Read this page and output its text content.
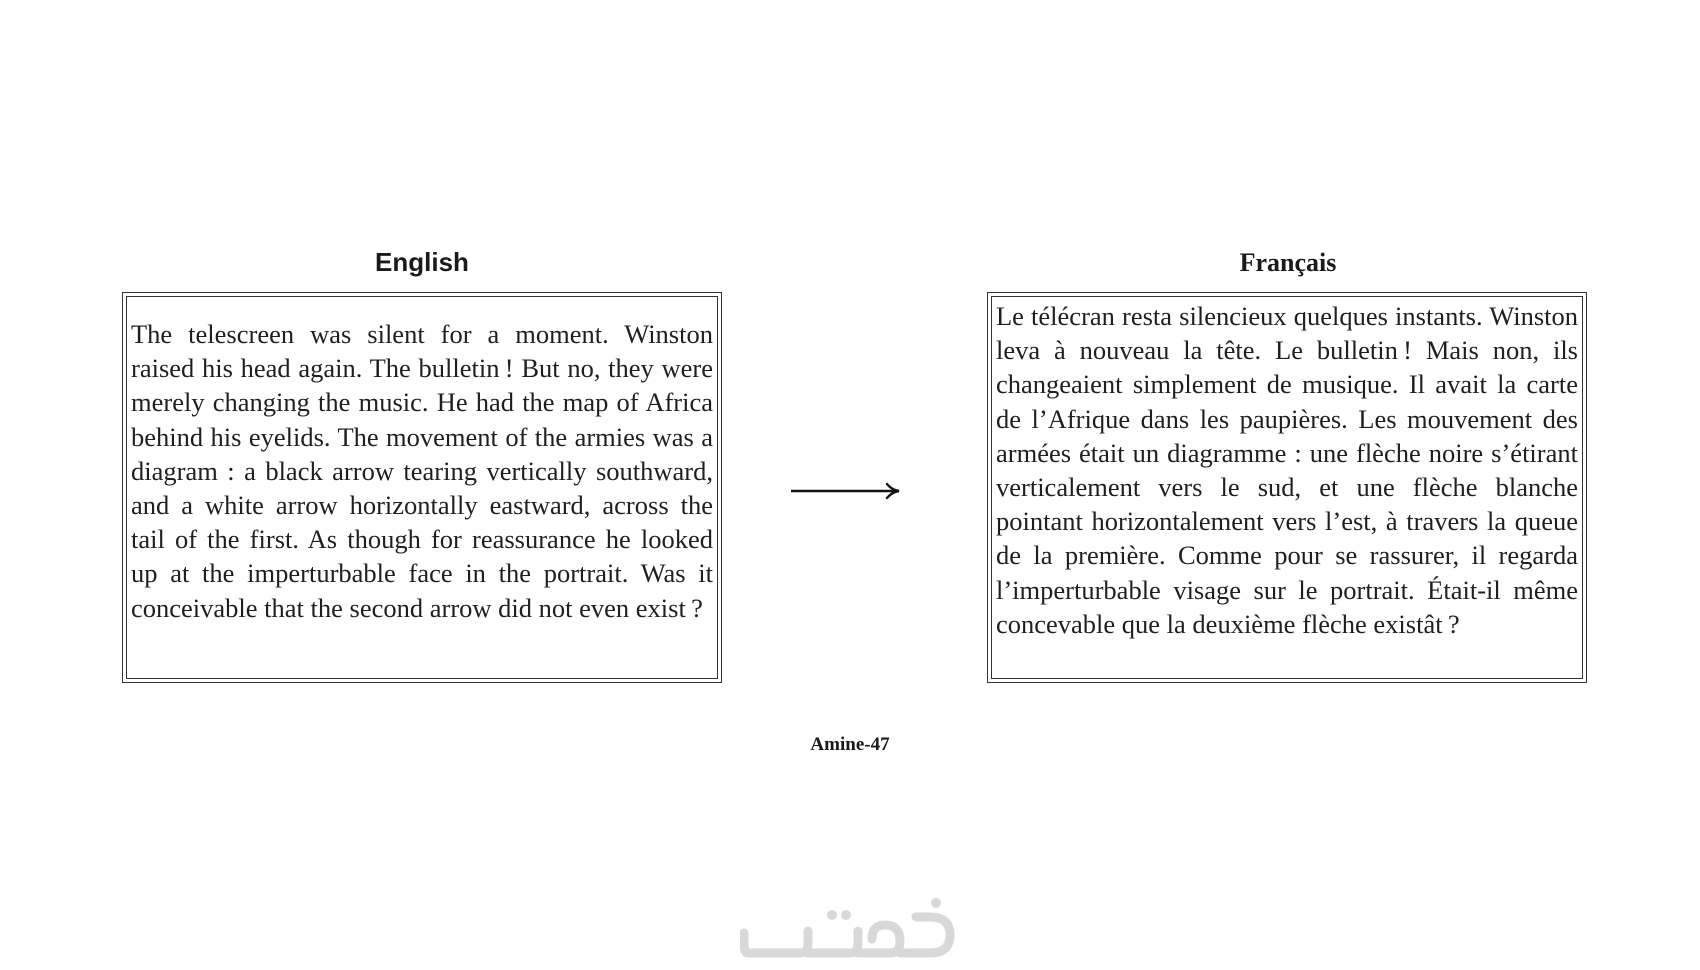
English

The telescreen was silent for a moment. Winston raised his head again. The bulletin ! But no, they were merely changing the music. He had the map of Africa behind his eyelids. The movement of the armies was a diagram : a black arrow tearing vertically southward, and a white arrow horizontally eastward, across the tail of the first. As though for reassurance he looked up at the imperturbable face in the portrait. Was it conceivable that the second arrow did not even exist ?

Français

Le télécran resta silencieux quelques instants. Winston leva à nouveau la tête. Le bulletin ! Mais non, ils changeaient simplement de musique. Il avait la carte de l’Afrique dans les paupières. Les mouvement des armées était un diagramme : une flèche noire s’étirant verticalement vers le sud, et une flèche blanche pointant horizontalement vers l’est, à travers la queue de la première. Comme pour se rassurer, il regarda l’imperturbable visage sur le portrait. Était-il même concevable que la deuxième flèche existât ?

Amine-47
